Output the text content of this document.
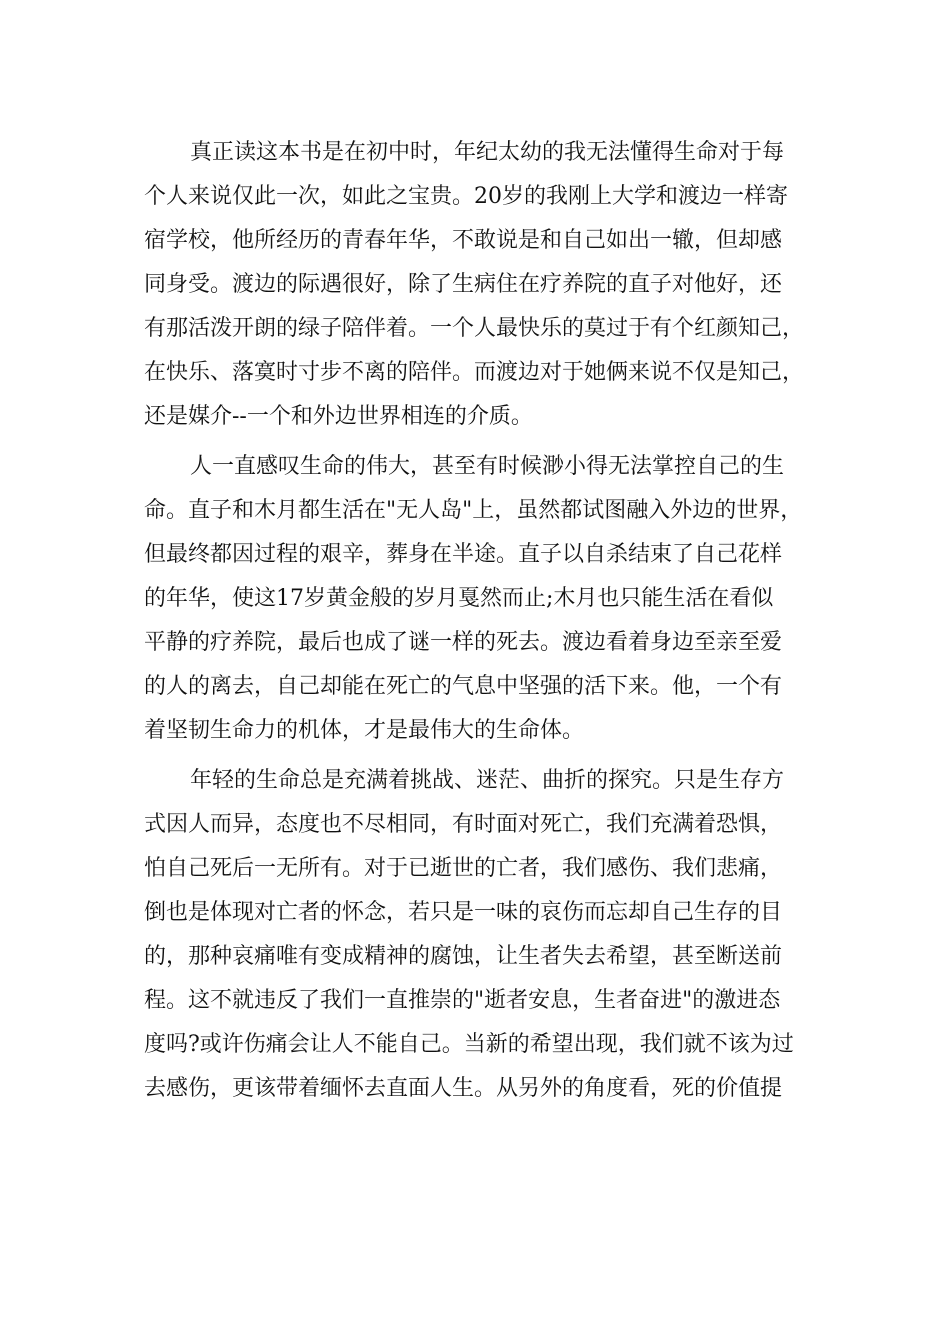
真正读这本书是在初中时，年纪太幼的我无法懂得生命对于每
个人来说仅此一次，如此之宝贵。20岁的我刚上大学和渡边一样寄
宿学校，他所经历的青春年华，不敢说是和自己如出一辙，但却感
同身受。渡边的际遇很好，除了生病住在疗养院的直子对他好，还
有那活泼开朗的绿子陪伴着。一个人最快乐的莫过于有个红颜知己，
在快乐、落寞时寸步不离的陪伴。而渡边对于她俩来说不仅是知己，
还是媒介--一个和外边世界相连的介质。
人一直感叹生命的伟大，甚至有时候渺小得无法掌控自己的生
命。直子和木月都生活在"无人岛"上，虽然都试图融入外边的世界，
但最终都因过程的艰辛，葬身在半途。直子以自杀结束了自己花样
的年华，使这17岁黄金般的岁月戛然而止;木月也只能生活在看似
平静的疗养院，最后也成了谜一样的死去。渡边看着身边至亲至爱
的人的离去，自己却能在死亡的气息中坚强的活下来。他，一个有
着坚韧生命力的机体，才是最伟大的生命体。
年轻的生命总是充满着挑战、迷茫、曲折的探究。只是生存方
式因人而异，态度也不尽相同，有时面对死亡，我们充满着恐惧，
怕自己死后一无所有。对于已逝世的亡者，我们感伤、我们悲痛，
倒也是体现对亡者的怀念，若只是一味的哀伤而忘却自己生存的目
的，那种哀痛唯有变成精神的腐蚀，让生者失去希望，甚至断送前
程。这不就违反了我们一直推崇的"逝者安息，生者奋进"的激进态
度吗?或许伤痛会让人不能自己。当新的希望出现，我们就不该为过
去感伤，更该带着缅怀去直面人生。从另外的角度看，死的价值提
